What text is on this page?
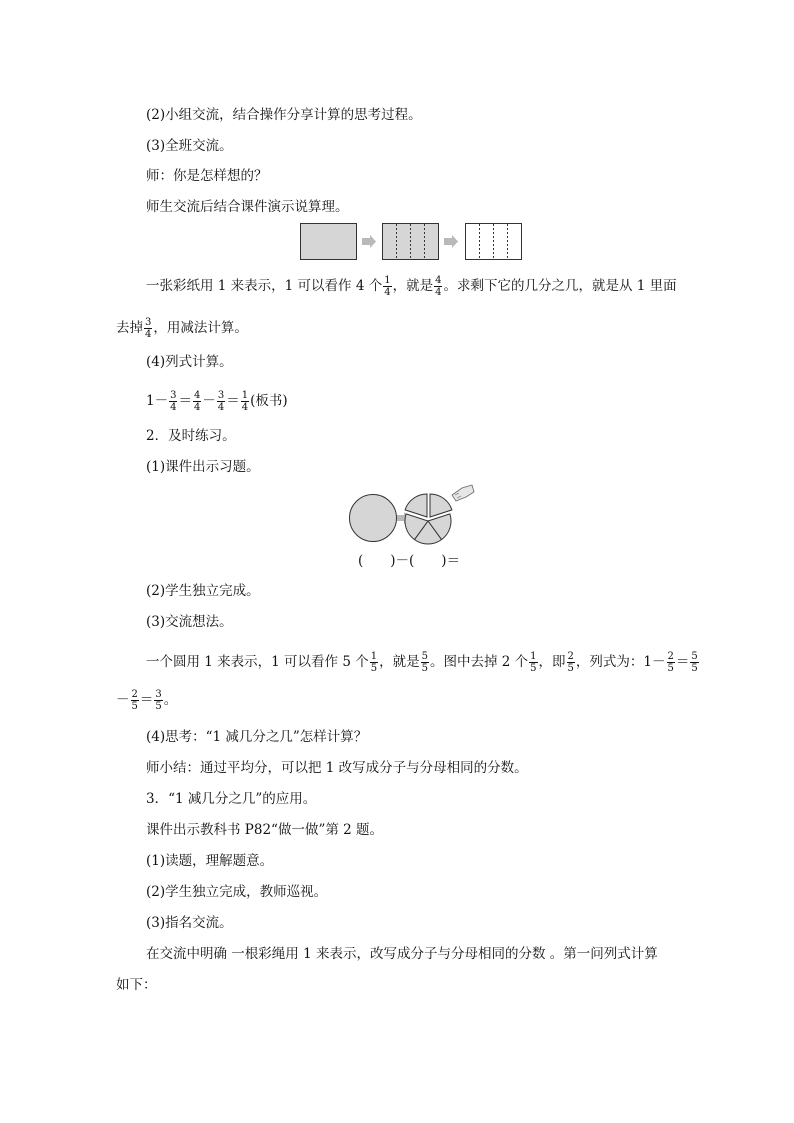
(2)小组交流，结合操作分享计算的思考过程。
(3)全班交流。
师：你是怎样想的？
师生交流后结合课件演示说算理。
一张彩纸用 1 来表示，1 可以看作 4 个 $\frac{1}{4}$ ，就是 $\frac{4}{4}$ 。求剩下它的几分之几，就是从 1 里面
去掉 $\frac{3}{4}$ ，用减法计算。
(4)列式计算。
$1- \frac{3}{4} = \frac{4}{4} - \frac{3}{4} = \frac{1}{4}$ (板书)
2．及时练习。
(1)课件出示习题。
(　　)－(　　)＝
(2)学生独立完成。
(3)交流想法。
一个圆用 1 来表示，1 可以看作 5 个 $\frac{1}{5}$ ，就是 $\frac{5}{5}$ 。图中去掉 2 个 $\frac{1}{5}$ ，即 $\frac{2}{5}$ ，列式为：$1- \frac{2}{5} = \frac{5}{5}$
－ $\frac{2}{5} = \frac{3}{5}$ 。
(4)思考：“1 减几分之几”怎样计算？
师小结：通过平均分，可以把 1 改写成分子与分母相同的分数。
3．“1 减几分之几”的应用。
课件出示教科书 P82“做一做”第 2 题。
(1)读题，理解题意。
(2)学生独立完成，教师巡视。
(3)指名交流。
在交流中明确 一根彩绳用 1 来表示，改写成分子与分母相同的分数 。第一问列式计算
如下：
